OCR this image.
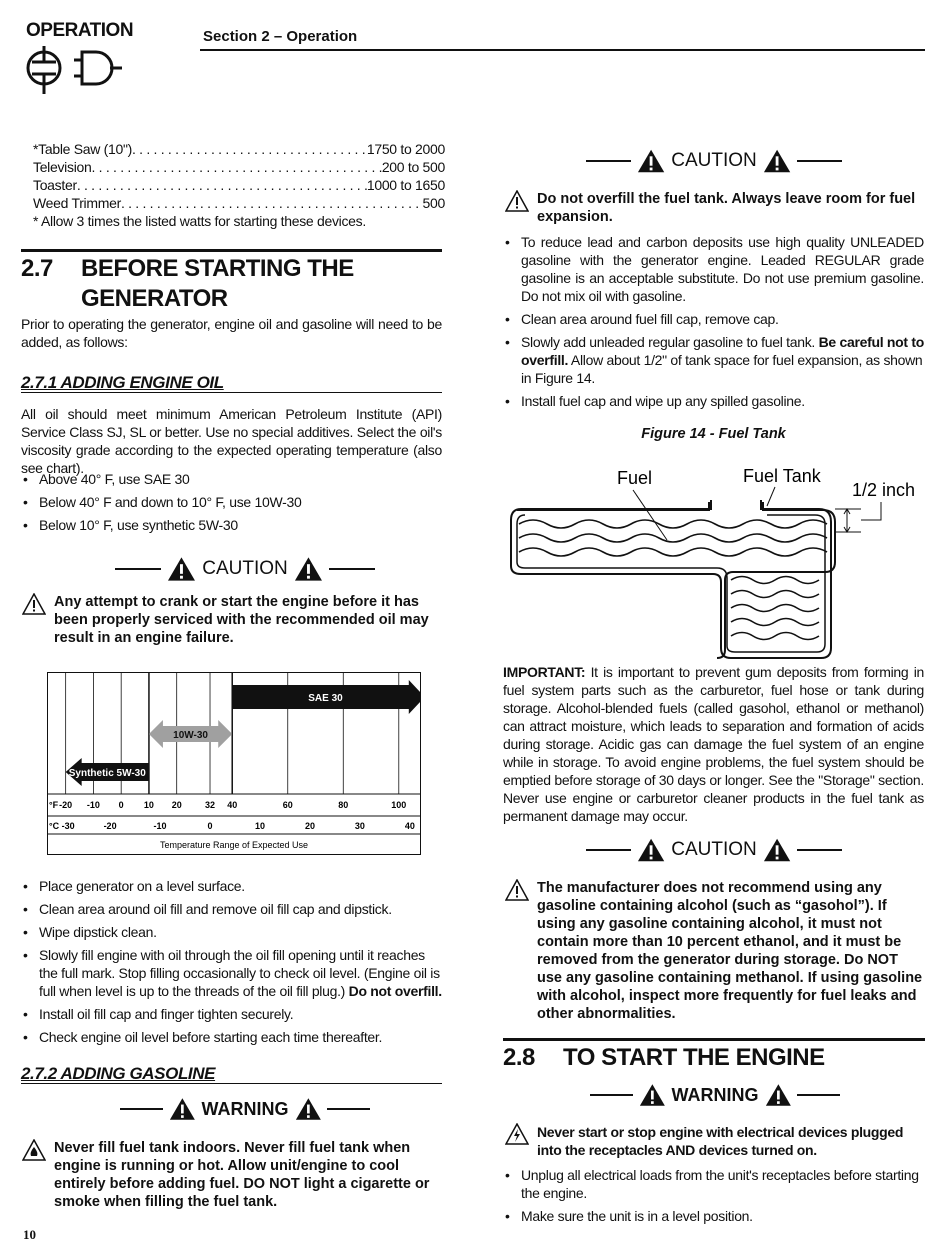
OPERATION	Section 2 – Operation
*Table Saw (10") . . .	1750 to 2000
Television . . .	200 to 500
Toaster . . .	1000 to 1650
Weed Trimmer . . .	500
* Allow 3 times the listed watts for starting these devices.
2.7 BEFORE STARTING THE
GENERATOR
Prior to operating the generator, engine oil and gasoline will need to be added, as follows:
2.7.1 ADDING ENGINE OIL
All oil should meet minimum American Petroleum Institute (API) Service Class SJ, SL or better. Use no special additives. Select the oil's viscosity grade according to the expected operating temperature (also see chart).
• Above 40° F, use SAE 30
• Below 40° F and down to 10° F, use 10W-30
• Below 10° F, use synthetic 5W-30
CAUTION
Any attempt to crank or start the engine before it has been properly serviced with the recommended oil may result in an engine failure.
SAE 30
10W-30
Synthetic 5W-30
°F -20 -10 0 10 20	32 40	60	80	100
°C -30	-20	-10	0	10	20	30	40
Temperature Range of Expected Use
• Place generator on a level surface.
• Clean area around oil fill and remove oil fill cap and dipstick.
• Wipe dipstick clean.
• Slowly fill engine with oil through the oil fill opening until it reaches the full mark. Stop filling occasionally to check oil level. (Engine oil is full when level is up to the threads of the oil fill plug.) Do not overfill.
• Install oil fill cap and finger tighten securely.
• Check engine oil level before starting each time thereafter.
2.7.2 ADDING GASOLINE
WARNING
Never fill fuel tank indoors. Never fill fuel tank when engine is running or hot. Allow unit/engine to cool entirely before adding fuel. DO NOT light a cigarette or smoke when filling the fuel tank.
10
CAUTION
Do not overfill the fuel tank. Always leave room for fuel expansion.
• To reduce lead and carbon deposits use high quality UNLEADED gasoline with the generator engine. Leaded REGULAR grade gasoline is an acceptable substitute. Do not use premium gasoline. Do not mix oil with gasoline.
• Clean area around fuel fill cap, remove cap.
• Slowly add unleaded regular gasoline to fuel tank. Be careful not to overfill. Allow about 1/2" of tank space for fuel expansion, as shown in Figure 14.
• Install fuel cap and wipe up any spilled gasoline.
Figure 14 - Fuel Tank
Fuel	Fuel Tank
1/2 inch
IMPORTANT: It is important to prevent gum deposits from forming in fuel system parts such as the carburetor, fuel hose or tank during storage. Alcohol-blended fuels (called gasohol, ethanol or methanol) can attract moisture, which leads to separation and formation of acids during storage. Acidic gas can damage the fuel system of an engine while in storage. To avoid engine problems, the fuel system should be emptied before storage of 30 days or longer. See the "Storage" section. Never use engine or carburetor cleaner products in the fuel tank as permanent damage may occur.
CAUTION
The manufacturer does not recommend using any gasoline containing alcohol (such as “gasohol”). If using any gasoline containing alcohol, it must not contain more than 10 percent ethanol, and it must be removed from the generator during storage. Do NOT use any gasoline containing methanol. If using gasoline with alcohol, inspect more frequently for fuel leaks and other abnormalities.
2.8 TO START THE ENGINE
WARNING
Never start or stop engine with electrical devices plugged into the receptacles AND devices turned on.
• Unplug all electrical loads from the unit's receptacles before starting the engine.
• Make sure the unit is in a level position.
